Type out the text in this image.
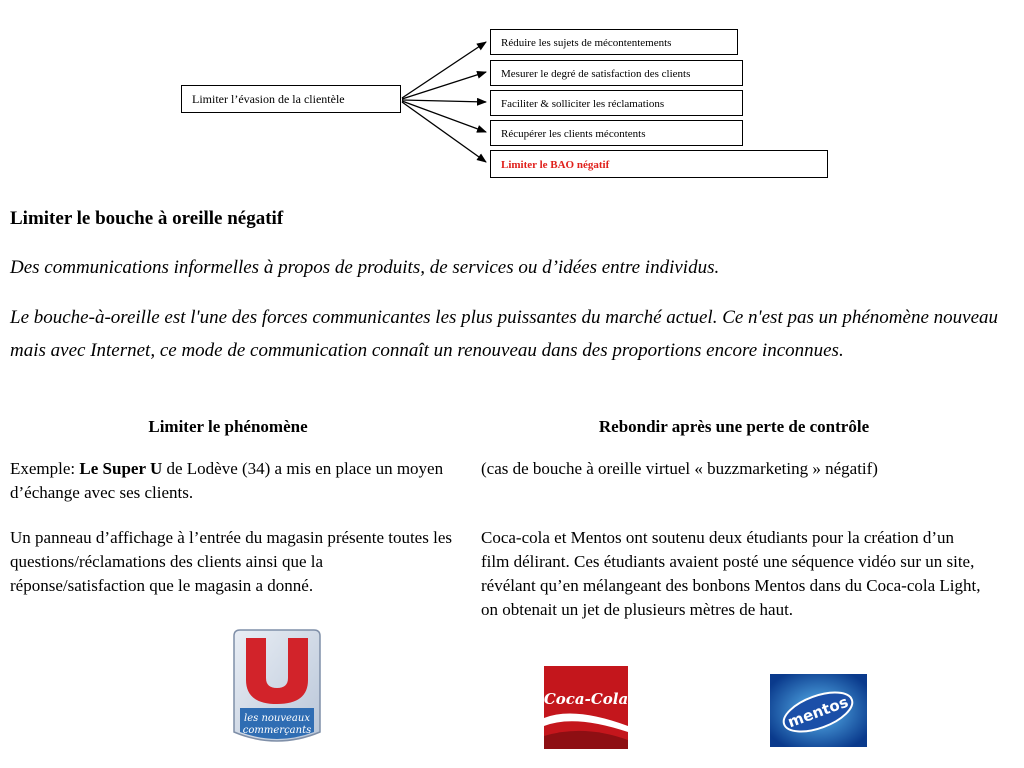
Limiter l’évasion de la clientèle
Réduire les sujets de mécontentements
Mesurer le degré de satisfaction des clients
Faciliter & solliciter les réclamations
Récupérer les clients mécontents
Limiter le BAO négatif
Limiter le bouche à oreille négatif
Des communications informelles à propos de produits, de services ou d’idées entre individus.
Le bouche-à-oreille est l'une des forces communicantes les plus puissantes du marché actuel. Ce n'est pas un phénomène nouveau mais avec Internet, ce mode de communication connaît un renouveau dans des proportions encore inconnues.
Limiter le phénomène
Exemple: Le Super U de Lodève (34) a mis en place un moyen d’échange avec ses clients.
Un panneau d’affichage à l’entrée du magasin présente toutes les questions/réclamations des clients ainsi que la réponse/satisfaction que le magasin a donné.
Rebondir après une perte de contrôle
(cas de bouche à oreille virtuel « buzzmarketing » négatif)
Coca-cola et Mentos ont soutenu deux étudiants pour la création d’un film délirant. Ces étudiants avaient posté une séquence vidéo sur un site, révélant qu’en mélangeant des bonbons Mentos dans du Coca-cola Light, on obtenait un jet de plusieurs mètres de haut.
les nouveaux
commerçants
Coca-Cola	mentos
